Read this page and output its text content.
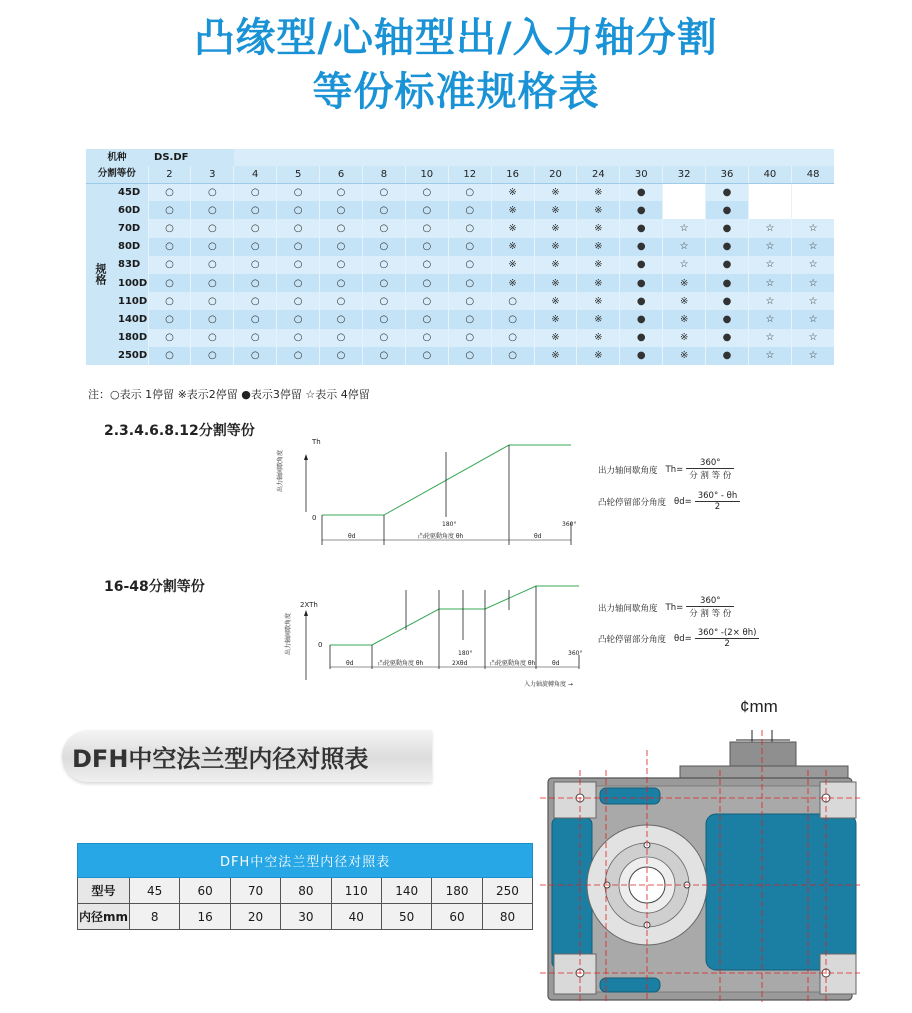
凸缘型/心轴型出/入力轴分割
等份标准规格表
机种		DS.DF															
分割等份		2	3	4	5	6	8	10	12	16	20	24	30	32	36	40	48
规格	45D	○	○	○	○	○	○	○	○	※	※	※	●		●		
	60D	○	○	○	○	○	○	○	○	※	※	※	●		●		
	70D	○	○	○	○	○	○	○	○	※	※	※	●	☆	●	☆	☆
	80D	○	○	○	○	○	○	○	○	※	※	※	●	☆	●	☆	☆
	83D	○	○	○	○	○	○	○	○	※	※	※	●	☆	●	☆	☆
	100D	○	○	○	○	○	○	○	○	※	※	※	●	※	●	☆	☆
	110D	○	○	○	○	○	○	○	○	○	※	※	●	※	●	☆	☆
	140D	○	○	○	○	○	○	○	○	○	※	※	●	※	●	☆	☆
	180D	○	○	○	○	○	○	○	○	○	※	※	●	※	●	☆	☆
	250D	○	○	○	○	○	○	○	○	○	※	※	●	※	●	☆	☆
注：○表示 1停留 ※表示2停留 ●表示3停留 ☆表示 4停留
2.3.4.6.8.12分割等份
出力轴间歇角度
Th
0
180°	360°
θd	凸轮驱動角度 θh	θd
出力轴间歇角度 $Th= \frac{360^\circ}{\text{分 割 等 份}}$
凸轮停留部分角度 $\theta d= \frac{360^\circ - \theta h}{2}$
16-48分割等份
出力轴间歇角度
2XTh
0
180°	360°
θd	凸轮驱動角度 θh	2Xθd	凸轮驱動角度 θh	θd
入力轴旋轉角度 →
出力轴间歇角度 $Th= \frac{360^\circ}{\text{分 割 等 份}}$
凸轮停留部分角度 $\theta d= \frac{360^\circ -(2\times \theta h)}{2}$
DFH中空法兰型内径对照表
DFH中空法兰型内径对照表								
型号	45	60	70	80	110	140	180	250
内径mm	8	16	20	30	40	50	60	80
¢mm
